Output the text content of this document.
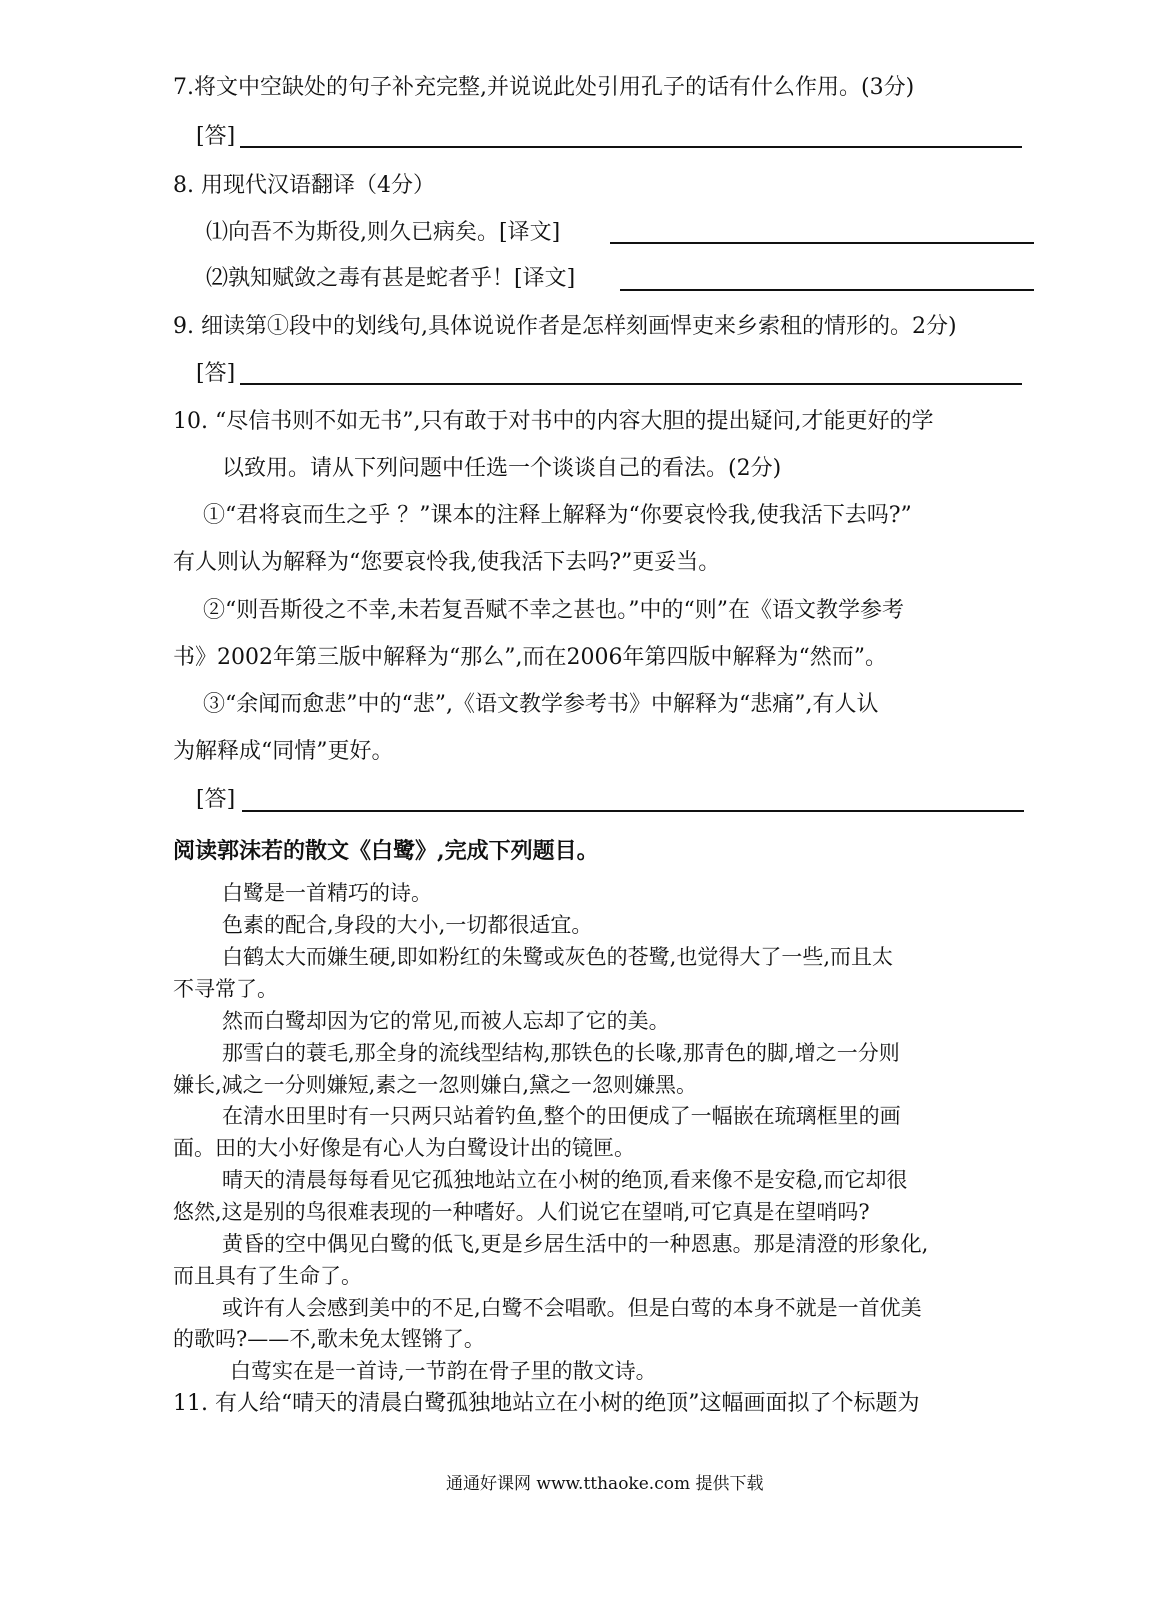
7.将文中空缺处的句子补充完整,并说说此处引用孔子的话有什么作用。(3分)
[答]
8. 用现代汉语翻译（4分）
⑴向吾不为斯役,则久已病矣。[译文]
⑵孰知赋敛之毒有甚是蛇者乎！[译文]
9. 细读第①段中的划线句,具体说说作者是怎样刻画悍吏来乡索租的情形的。2分)
[答]
10. “尽信书则不如无书”,只有敢于对书中的内容大胆的提出疑问,才能更好的学
以致用。请从下列问题中任选一个谈谈自己的看法。(2分)
①“君将哀而生之乎 ？”课本的注释上解释为“你要哀怜我,使我活下去吗?”
有人则认为解释为“您要哀怜我,使我活下去吗?”更妥当。
②“则吾斯役之不幸,未若复吾赋不幸之甚也。”中的“则”在《语文教学参考
书》2002年第三版中解释为“那么”,而在2006年第四版中解释为“然而”。
③“余闻而愈悲”中的“悲”,《语文教学参考书》中解释为“悲痛”,有人认
为解释成“同情”更好。
[答]
阅读郭沫若的散文《白鹭》,完成下列题目。
白鹭是一首精巧的诗。
色素的配合,身段的大小,一切都很适宜。
白鹤太大而嫌生硬,即如粉红的朱鹭或灰色的苍鹭,也觉得大了一些,而且太
不寻常了。
然而白鹭却因为它的常见,而被人忘却了它的美。
那雪白的蓑毛,那全身的流线型结构,那铁色的长喙,那青色的脚,增之一分则
嫌长,减之一分则嫌短,素之一忽则嫌白,黛之一忽则嫌黑。
在清水田里时有一只两只站着钓鱼,整个的田便成了一幅嵌在琉璃框里的画
面。田的大小好像是有心人为白鹭设计出的镜匣。
晴天的清晨每每看见它孤独地站立在小树的绝顶,看来像不是安稳,而它却很
悠然,这是别的鸟很难表现的一种嗜好。人们说它在望哨,可它真是在望哨吗?
黄昏的空中偶见白鹭的低飞,更是乡居生活中的一种恩惠。那是清澄的形象化,
而且具有了生命了。
或许有人会感到美中的不足,白鹭不会唱歌。但是白莺的本身不就是一首优美
的歌吗?——不,歌未免太铿锵了。
白莺实在是一首诗,一节韵在骨子里的散文诗。
11. 有人给“晴天的清晨白鹭孤独地站立在小树的绝顶”这幅画面拟了个标题为
通通好课网 www.tthaoke.com 提供下载
